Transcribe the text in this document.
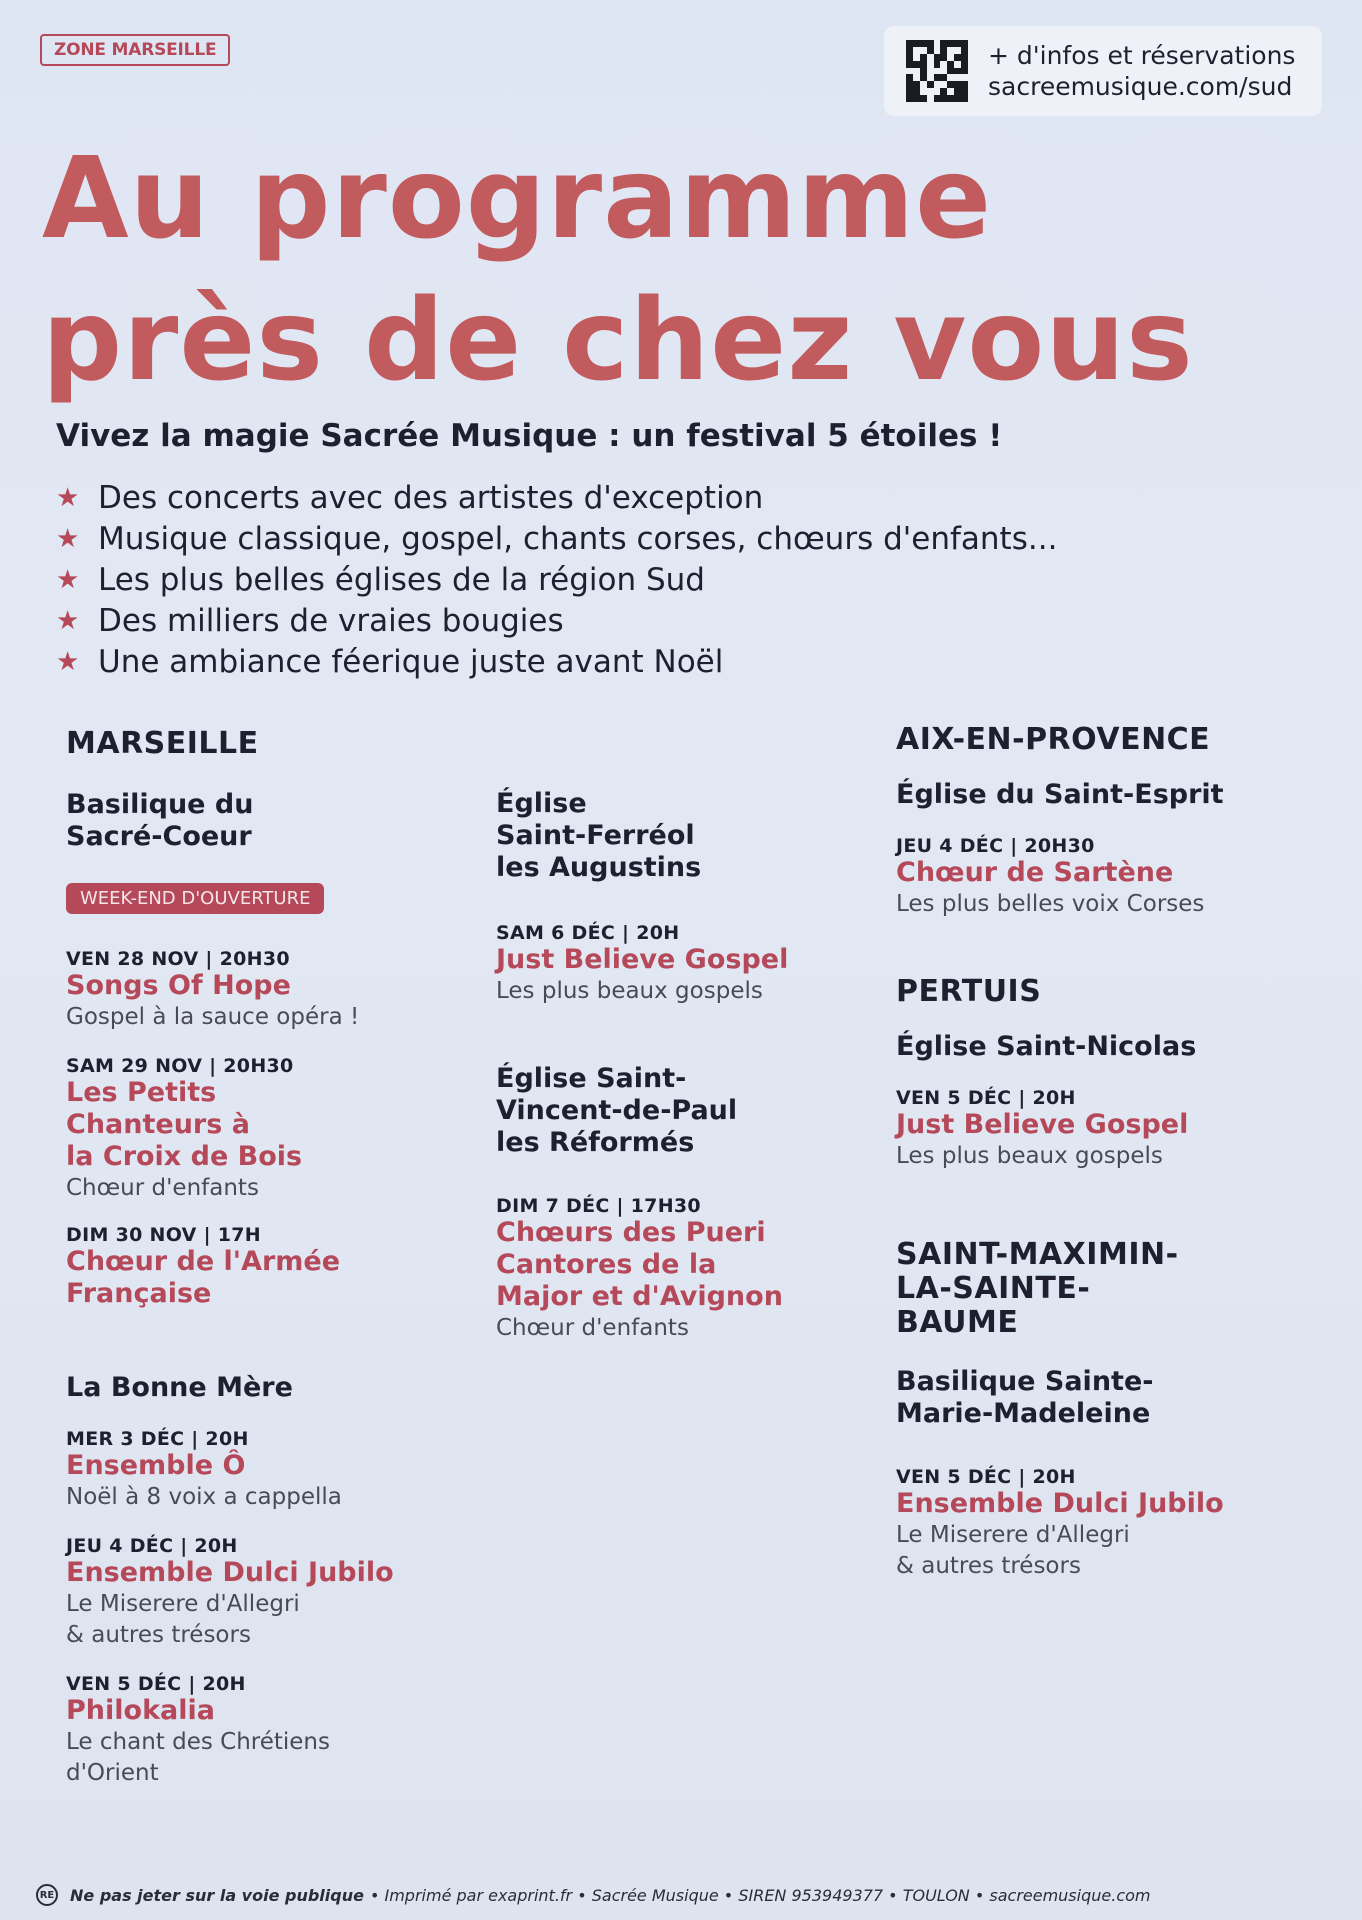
ZONE MARSEILLE	+ d'infos et réservations
sacreemusique.com/sud
Au programme
près de chez vous
Vivez la magie Sacrée Musique : un festival 5 étoiles !
★ Des concerts avec des artistes d'exception
★ Musique classique, gospel, chants corses, chœurs d'enfants...
★ Les plus belles églises de la région Sud
★ Des milliers de vraies bougies
★ Une ambiance féerique juste avant Noël
MARSEILLE
Basilique du
Sacré-Coeur
WEEK-END D'OUVERTURE
VEN 28 NOV | 20H30
Songs Of Hope
Gospel à la sauce opéra !
SAM 29 NOV | 20H30
Les Petits
Chanteurs à
la Croix de Bois
Chœur d'enfants
DIM 30 NOV | 17H
Chœur de l'Armée
Française
La Bonne Mère
MER 3 DÉC | 20H
Ensemble Ô
Noël à 8 voix a cappella
JEU 4 DÉC | 20H
Ensemble Dulci Jubilo
Le Miserere d'Allegri
& autres trésors
VEN 5 DÉC | 20H
Philokalia
Le chant des Chrétiens
d'Orient
Église
Saint-Ferréol
les Augustins
SAM 6 DÉC | 20H
Just Believe Gospel
Les plus beaux gospels
Église Saint-
Vincent-de-Paul
les Réformés
DIM 7 DÉC | 17H30
Chœurs des Pueri
Cantores de la
Major et d'Avignon
Chœur d'enfants
AIX-EN-PROVENCE
Église du Saint-Esprit
JEU 4 DÉC | 20H30
Chœur de Sartène
Les plus belles voix Corses
PERTUIS
Église Saint-Nicolas
VEN 5 DÉC | 20H
Just Believe Gospel
Les plus beaux gospels
SAINT-MAXIMIN-
LA-SAINTE-
BAUME
Basilique Sainte-
Marie-Madeleine
VEN 5 DÉC | 20H
Ensemble Dulci Jubilo
Le Miserere d'Allegri
& autres trésors
RE Ne pas jeter sur la voie publique • Imprimé par exaprint.fr • Sacrée Musique • SIREN 953949377 • TOULON • sacreemusique.com
